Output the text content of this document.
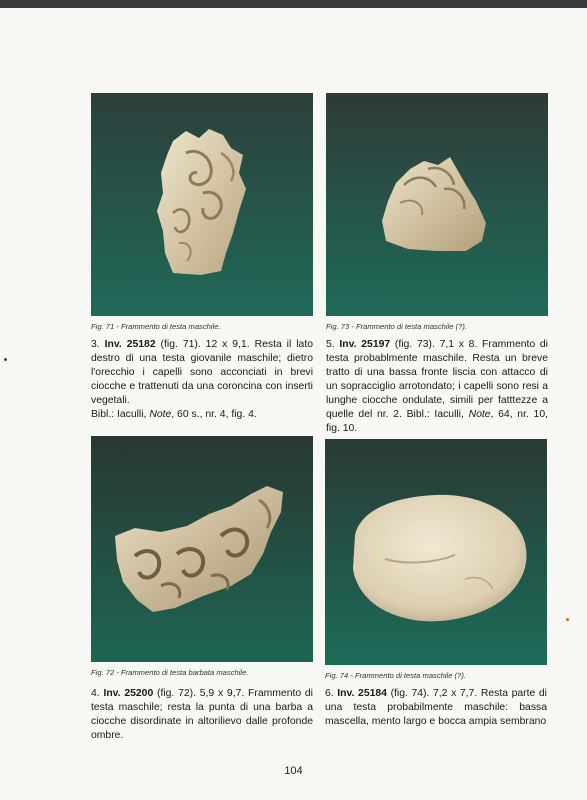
Fig. 71 - Frammento di testa maschile.	Fig. 73 - Frammento di testa maschile (?).
3. Inv. 25182 (fig. 71). 12 x 9,1. Resta il lato destro di una testa giovanile maschile; dietro l'orecchio i capelli sono acconciati in brevi ciocche e trattenuti da una coroncina con inserti vegetali.
Bibl.: Iaculli, Note, 60 s., nr. 4, fig. 4.
5. Inv. 25197 (fig. 73). 7,1 x 8. Frammento di testa probablmente maschile. Resta un breve tratto di una bassa fronte liscia con attacco di un sopracciglio arrotondato; i capelli sono resi a lunghe ciocche ondulate, simili per fatttezze a quelle del nr. 2. Bibl.: Iaculli, Note, 64, nr. 10, fig. 10.
Fig. 72 - Frammento di testa barbata maschile.	Fig. 74 - Frammento di testa maschile (?).
4. Inv. 25200 (fig. 72). 5,9 x 9,7. Frammento di testa maschile; resta la punta di una barba a ciocche disordinate in altorilievo dalle profonde ombre.
6. Inv. 25184 (fig. 74). 7,2 x 7,7. Resta parte di una testa probabilmente maschile: bassa mascella, mento largo e bocca ampia sembrano
104
